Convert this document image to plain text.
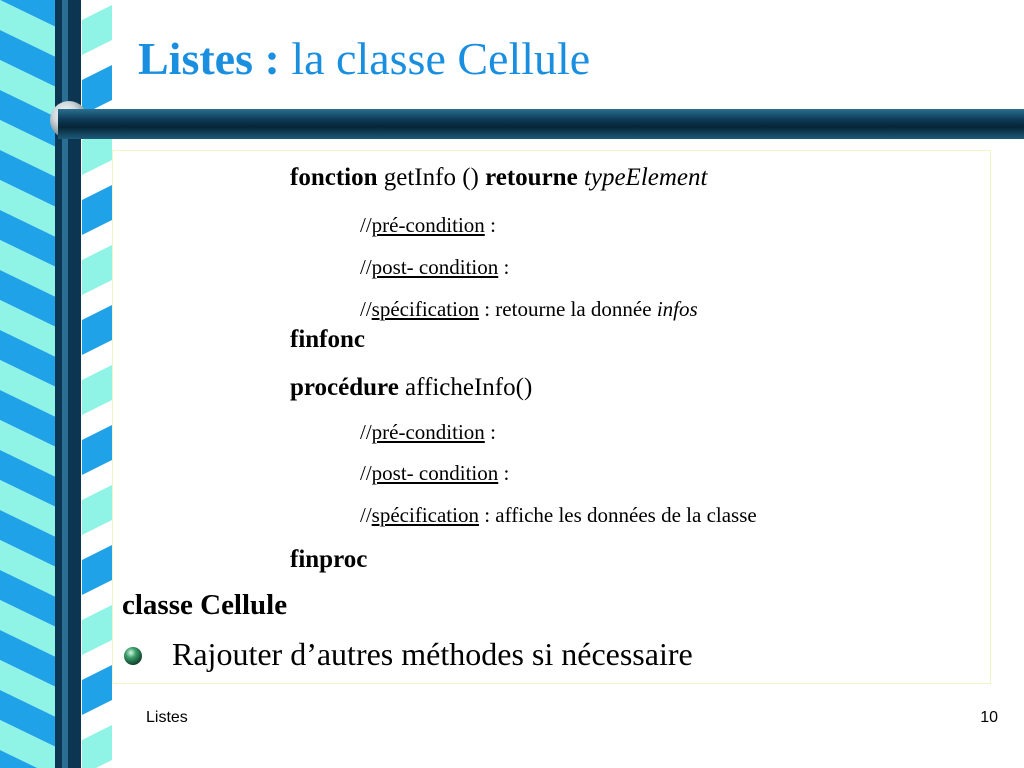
Listes : la classe Cellule
fonction getInfo () retourne typeElement
//pré-condition :
//post- condition :
//spécification : retourne la donnée infos
finfonc
procédure afficheInfo()
//pré-condition :
//post- condition :
//spécification : affiche les données de la classe
finproc
classe Cellule
Rajouter d’autres méthodes si nécessaire
Listes	10
